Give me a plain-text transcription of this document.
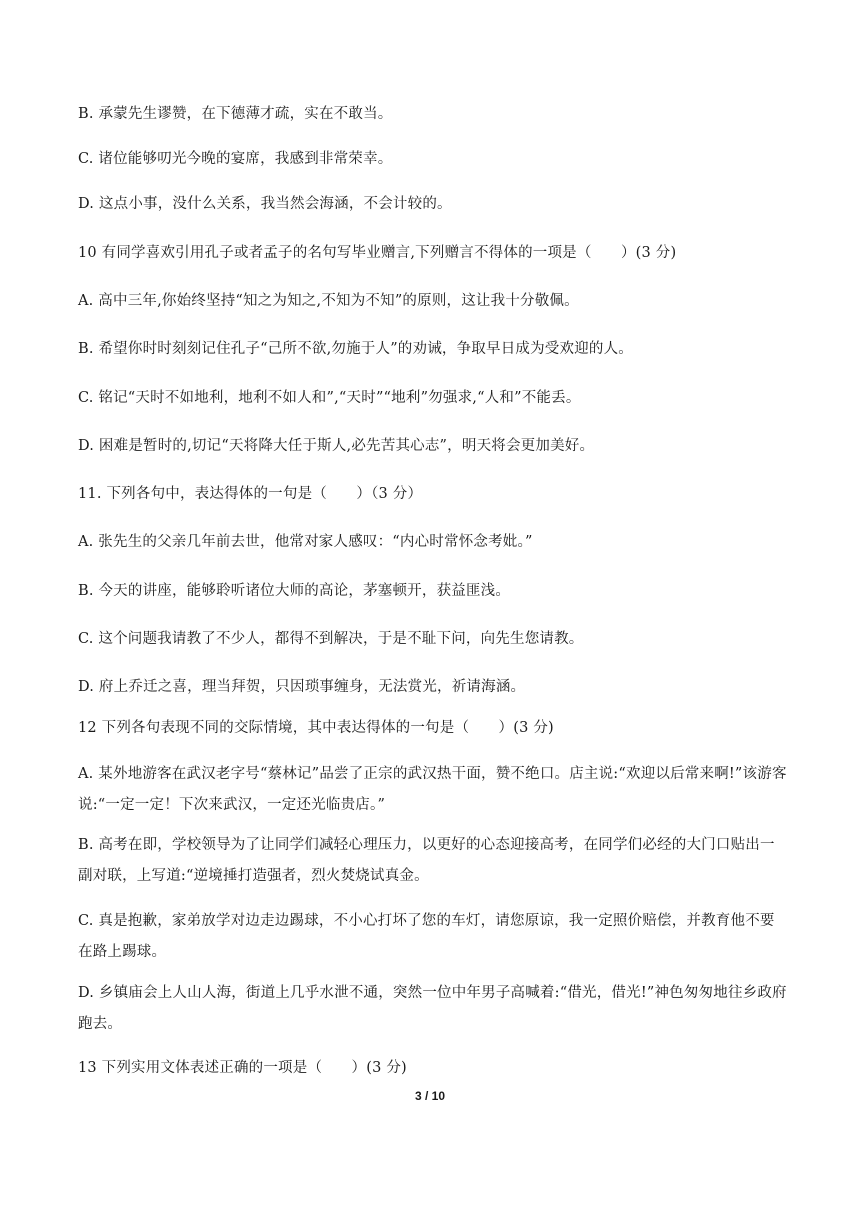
B. 承蒙先生谬赞，在下德薄才疏，实在不敢当。
C. 诸位能够叨光今晚的宴席，我感到非常荣幸。
D. 这点小事，没什么关系，我当然会海涵，不会计较的。
10 有同学喜欢引用孔子或者孟子的名句写毕业赠言,下列赠言不得体的一项是（　　）(3 分)
A. 高中三年,你始终坚持“知之为知之,不知为不知”的原则，这让我十分敬佩。
B. 希望你时时刻刻记住孔子“己所不欲,勿施于人”的劝诫，争取早日成为受欢迎的人。
C. 铭记“天时不如地利，地利不如人和”,“天时”“地利”勿强求,“人和”不能丢。
D. 困难是暂时的,切记“天将降大任于斯人,必先苦其心志”，明天将会更加美好。
11. 下列各句中，表达得体的一句是（　　）（3 分）
A. 张先生的父亲几年前去世，他常对家人感叹：“内心时常怀念考妣。”
B. 今天的讲座，能够聆听诸位大师的高论，茅塞顿开，获益匪浅。
C. 这个问题我请教了不少人，都得不到解决，于是不耻下问，向先生您请教。
D. 府上乔迁之喜，理当拜贺，只因琐事缠身，无法赏光，祈请海涵。
12 下列各句表现不同的交际情境，其中表达得体的一句是（　　）(3 分)
A. 某外地游客在武汉老字号“蔡林记”品尝了正宗的武汉热干面，赞不绝口。店主说:“欢迎以后常来啊!”该游客说:“一定一定！下次来武汉，一定还光临贵店。”
B. 高考在即，学校领导为了让同学们减轻心理压力，以更好的心态迎接高考，在同学们必经的大门口贴出一副对联，上写道:“逆境捶打造强者，烈火焚烧试真金。
C. 真是抱歉，家弟放学对边走边踢球，不小心打坏了您的车灯，请您原谅，我一定照价赔偿，并教育他不要在路上踢球。
D. 乡镇庙会上人山人海，街道上几乎水泄不通，突然一位中年男子高喊着:“借光，借光!”神色匆匆地往乡政府跑去。
13 下列实用文体表述正确的一项是（　　）(3 分)
3 / 10
